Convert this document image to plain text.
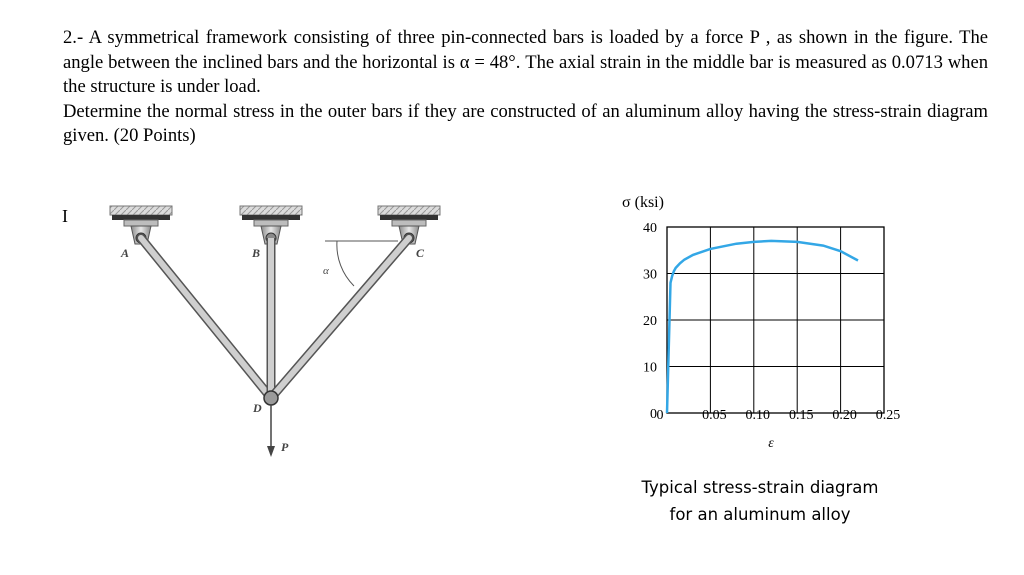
2.- A symmetrical framework consisting of three pin-connected bars is loaded by a force P , as shown in the figure. The angle between the inclined bars and the horizontal is α = 48°. The axial strain in the middle bar is measured as 0.0713 when the structure is under load.

Determine the normal stress in the outer bars if they are constructed of an aluminum alloy having the stress-strain diagram given. (20 Points)

I
A	B	C
D
α
P
σ (ksi)
0
10
20
30
40
0	0.05 0.10 0.15 0.20 0.25
ε
Typical stress-strain diagram
for an aluminum alloy
